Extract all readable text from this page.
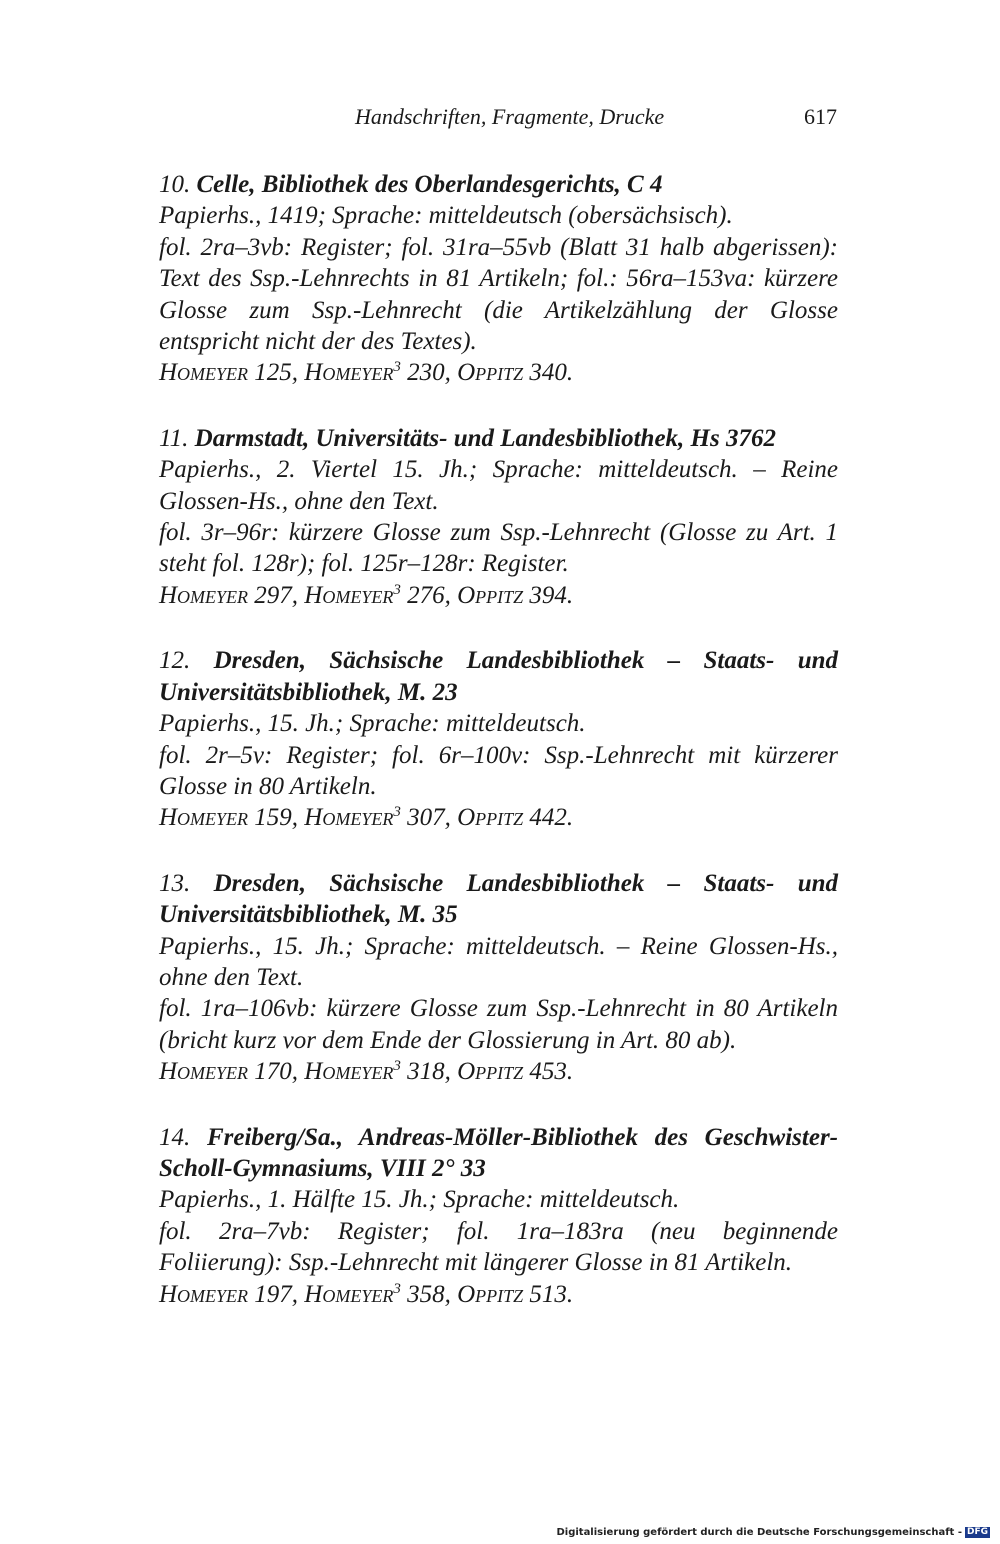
Handschriften, Fragmente, Drucke	617

10. Celle, Bibliothek des Oberlandesgerichts, C 4

Papierhs., 1419; Sprache: mitteldeutsch (obersächsisch).

fol. 2ra–3vb: Register; fol. 31ra–55vb (Blatt 31 halb abgerissen): Text des Ssp.-Lehnrechts in 81 Artikeln; fol.: 56ra–153va: kürzere Glosse zum Ssp.-Lehnrecht (die Artikelzählung der Glosse entspricht nicht der des Textes).

Homeyer 125, Homeyer$^3$ 230, Oppitz 340.

11. Darmstadt, Universitäts- und Landesbibliothek, Hs 3762

Papierhs., 2. Viertel 15. Jh.; Sprache: mitteldeutsch. – Reine Glossen-Hs., ohne den Text.

fol. 3r–96r: kürzere Glosse zum Ssp.-Lehnrecht (Glosse zu Art. 1 steht fol. 128r); fol. 125r–128r: Register.

Homeyer 297, Homeyer$^3$ 276, Oppitz 394.

12. Dresden, Sächsische Landesbibliothek – Staats- und Universitätsbibliothek, M. 23

Papierhs., 15. Jh.; Sprache: mitteldeutsch.

fol. 2r–5v: Register; fol. 6r–100v: Ssp.-Lehnrecht mit kürzerer Glosse in 80 Artikeln.

Homeyer 159, Homeyer$^3$ 307, Oppitz 442.

13. Dresden, Sächsische Landesbibliothek – Staats- und Universitätsbibliothek, M. 35

Papierhs., 15. Jh.; Sprache: mitteldeutsch. – Reine Glossen-Hs., ohne den Text.

fol. 1ra–106vb: kürzere Glosse zum Ssp.-Lehnrecht in 80 Artikeln (bricht kurz vor dem Ende der Glossierung in Art. 80 ab).

Homeyer 170, Homeyer$^3$ 318, Oppitz 453.

14. Freiberg/Sa., Andreas-Möller-Bibliothek des Geschwister-Scholl-Gymnasiums, VIII 2° 33

Papierhs., 1. Hälfte 15. Jh.; Sprache: mitteldeutsch.

fol. 2ra–7vb: Register; fol. 1ra–183ra (neu beginnende Foliierung): Ssp.-Lehnrecht mit längerer Glosse in 81 Artikeln.

Homeyer 197, Homeyer$^3$ 358, Oppitz 513.

Digitalisierung gefördert durch die Deutsche Forschungsgemeinschaft - DFG
